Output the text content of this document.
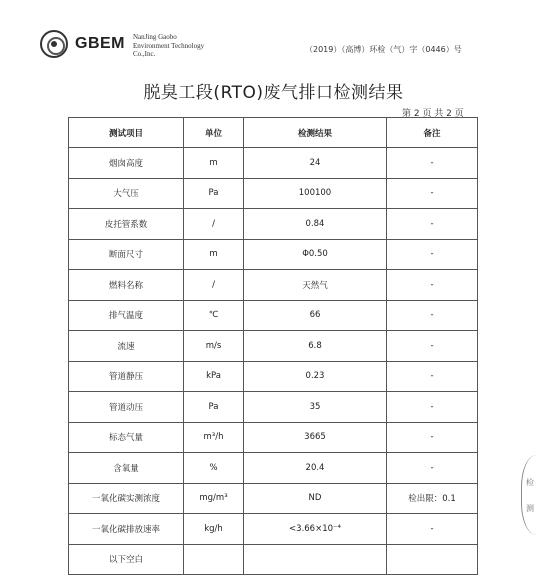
GBEM NanJing Gaobo
Environment Technology
Co.,Inc.	（2019）（高博）环检（气）字（0446）号
脱臭工段(RTO)废气排口检测结果
第 2 页 共 2 页
测试项目	单位	检测结果	备注
烟囱高度	m	24	-
大气压	Pa	100100	-
皮托管系数	/	0.84	-
断面尺寸	m	Φ0.50	-
燃料名称	/	天然气	-
排气温度	℃	66	-
流速	m/s	6.8	-
管道静压	kPa	0.23	-
管道动压	Pa	35	-
标态气量	m³/h	3665	-
含氧量	%	20.4	-
一氧化碳实测浓度	mg/m³	ND	检出限：0.1
一氧化碳排放速率	kg/h	<3.66×10⁻⁴	-
以下空白			
检
测
